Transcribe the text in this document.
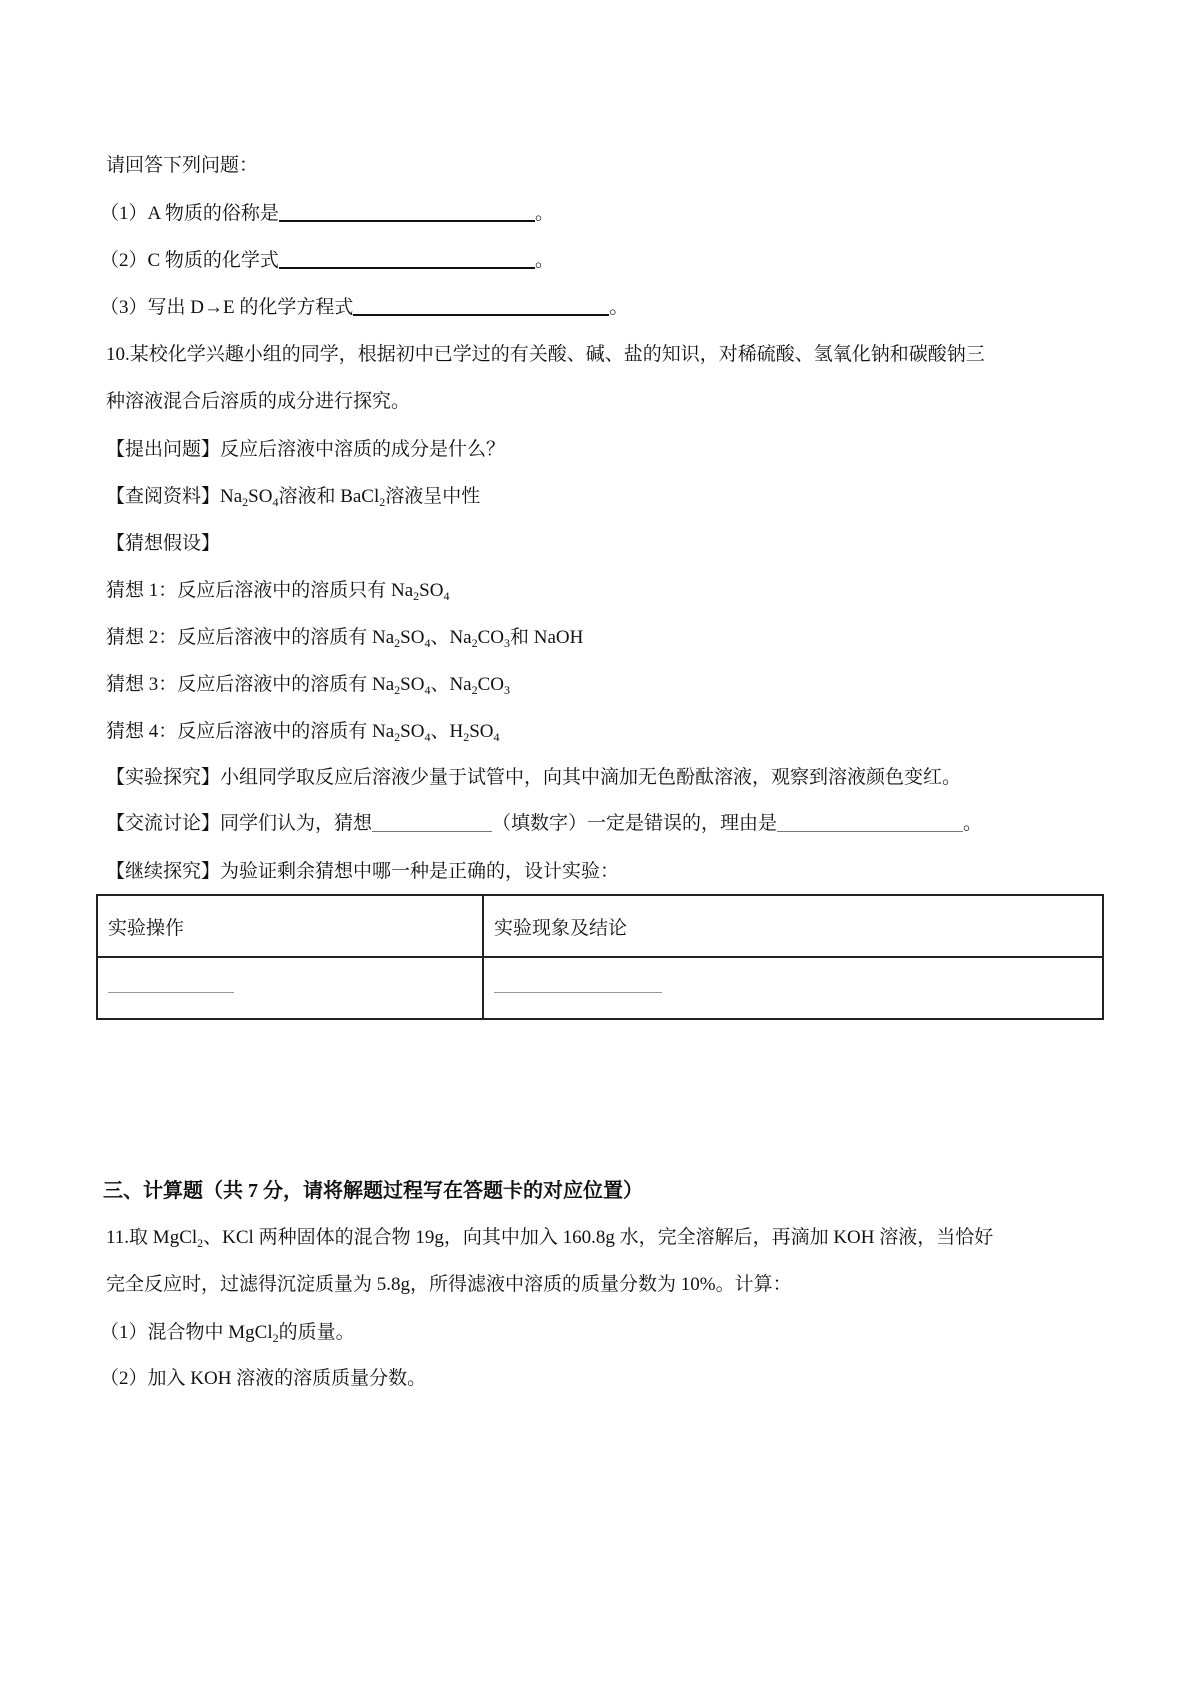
请回答下列问题：
（1）A 物质的俗称是	。
（2）C 物质的化学式	。
（3）写出 D→E 的化学方程式	。
10.某校化学兴趣小组的同学，根据初中已学过的有关酸、碱、盐的知识，对稀硫酸、氢氧化钠和碳酸钠三
种溶液混合后溶质的成分进行探究。
【提出问题】反应后溶液中溶质的成分是什么？
【查阅资料】$Na_2SO_4$溶液和 BaCl$_2$溶液呈中性
【猜想假设】
猜想 1：反应后溶液中的溶质只有 $Na_2SO_4$
猜想 2：反应后溶液中的溶质有 $Na_2SO_4$、$Na_2CO_3$和 NaOH
猜想 3：反应后溶液中的溶质有 $Na_2SO_4$、$Na_2CO_3$
猜想 4：反应后溶液中的溶质有 $Na_2SO_4$、$H_2SO_4$
【实验探究】小组同学取反应后溶液少量于试管中，向其中滴加无色酚酞溶液，观察到溶液颜色变红。
【交流讨论】同学们认为，猜想	（填数字）一定是错误的，理由是	。
【继续探究】为验证剩余猜想中哪一种是正确的，设计实验：
实验操作	实验现象及结论

三、计算题（共 7 分，请将解题过程写在答题卡的对应位置）
11.取 MgCl$_2$、KCl 两种固体的混合物 19g，向其中加入 160.8g 水，完全溶解后，再滴加 KOH 溶液，当恰好
完全反应时，过滤得沉淀质量为 5.8g，所得滤液中溶质的质量分数为 10%。计算：
（1）混合物中 MgCl$_2$的质量。
（2）加入 KOH 溶液的溶质质量分数。
